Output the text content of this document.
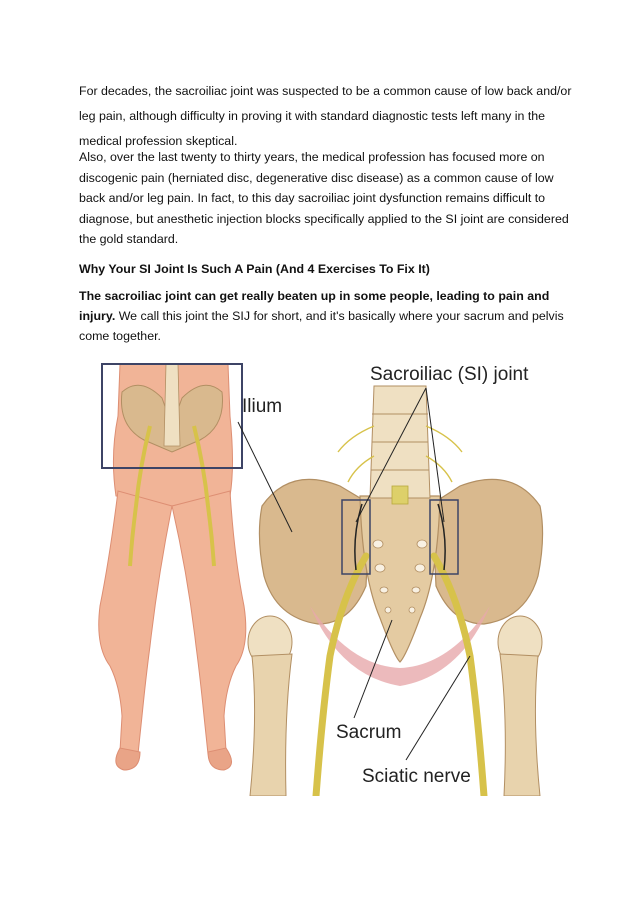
For decades, the sacroiliac joint was suspected to be a common cause of low back and/or leg pain, although difficulty in proving it with standard diagnostic tests left many in the medical profession skeptical.

Also, over the last twenty to thirty years, the medical profession has focused more on discogenic pain (herniated disc, degenerative disc disease) as a common cause of low back and/or leg pain. In fact, to this day sacroiliac joint dysfunction remains difficult to diagnose, but anesthetic injection blocks specifically applied to the SI joint are considered the gold standard.

Why Your SI Joint Is Such A Pain (And 4 Exercises To Fix It)

The sacroiliac joint can get really beaten up in some people, leading to pain and injury. We call this joint the SIJ for short, and it's basically where your sacrum and pelvis come together.

Sacroiliac (SI) joint
Ilium
Sacrum
Sciatic nerve
